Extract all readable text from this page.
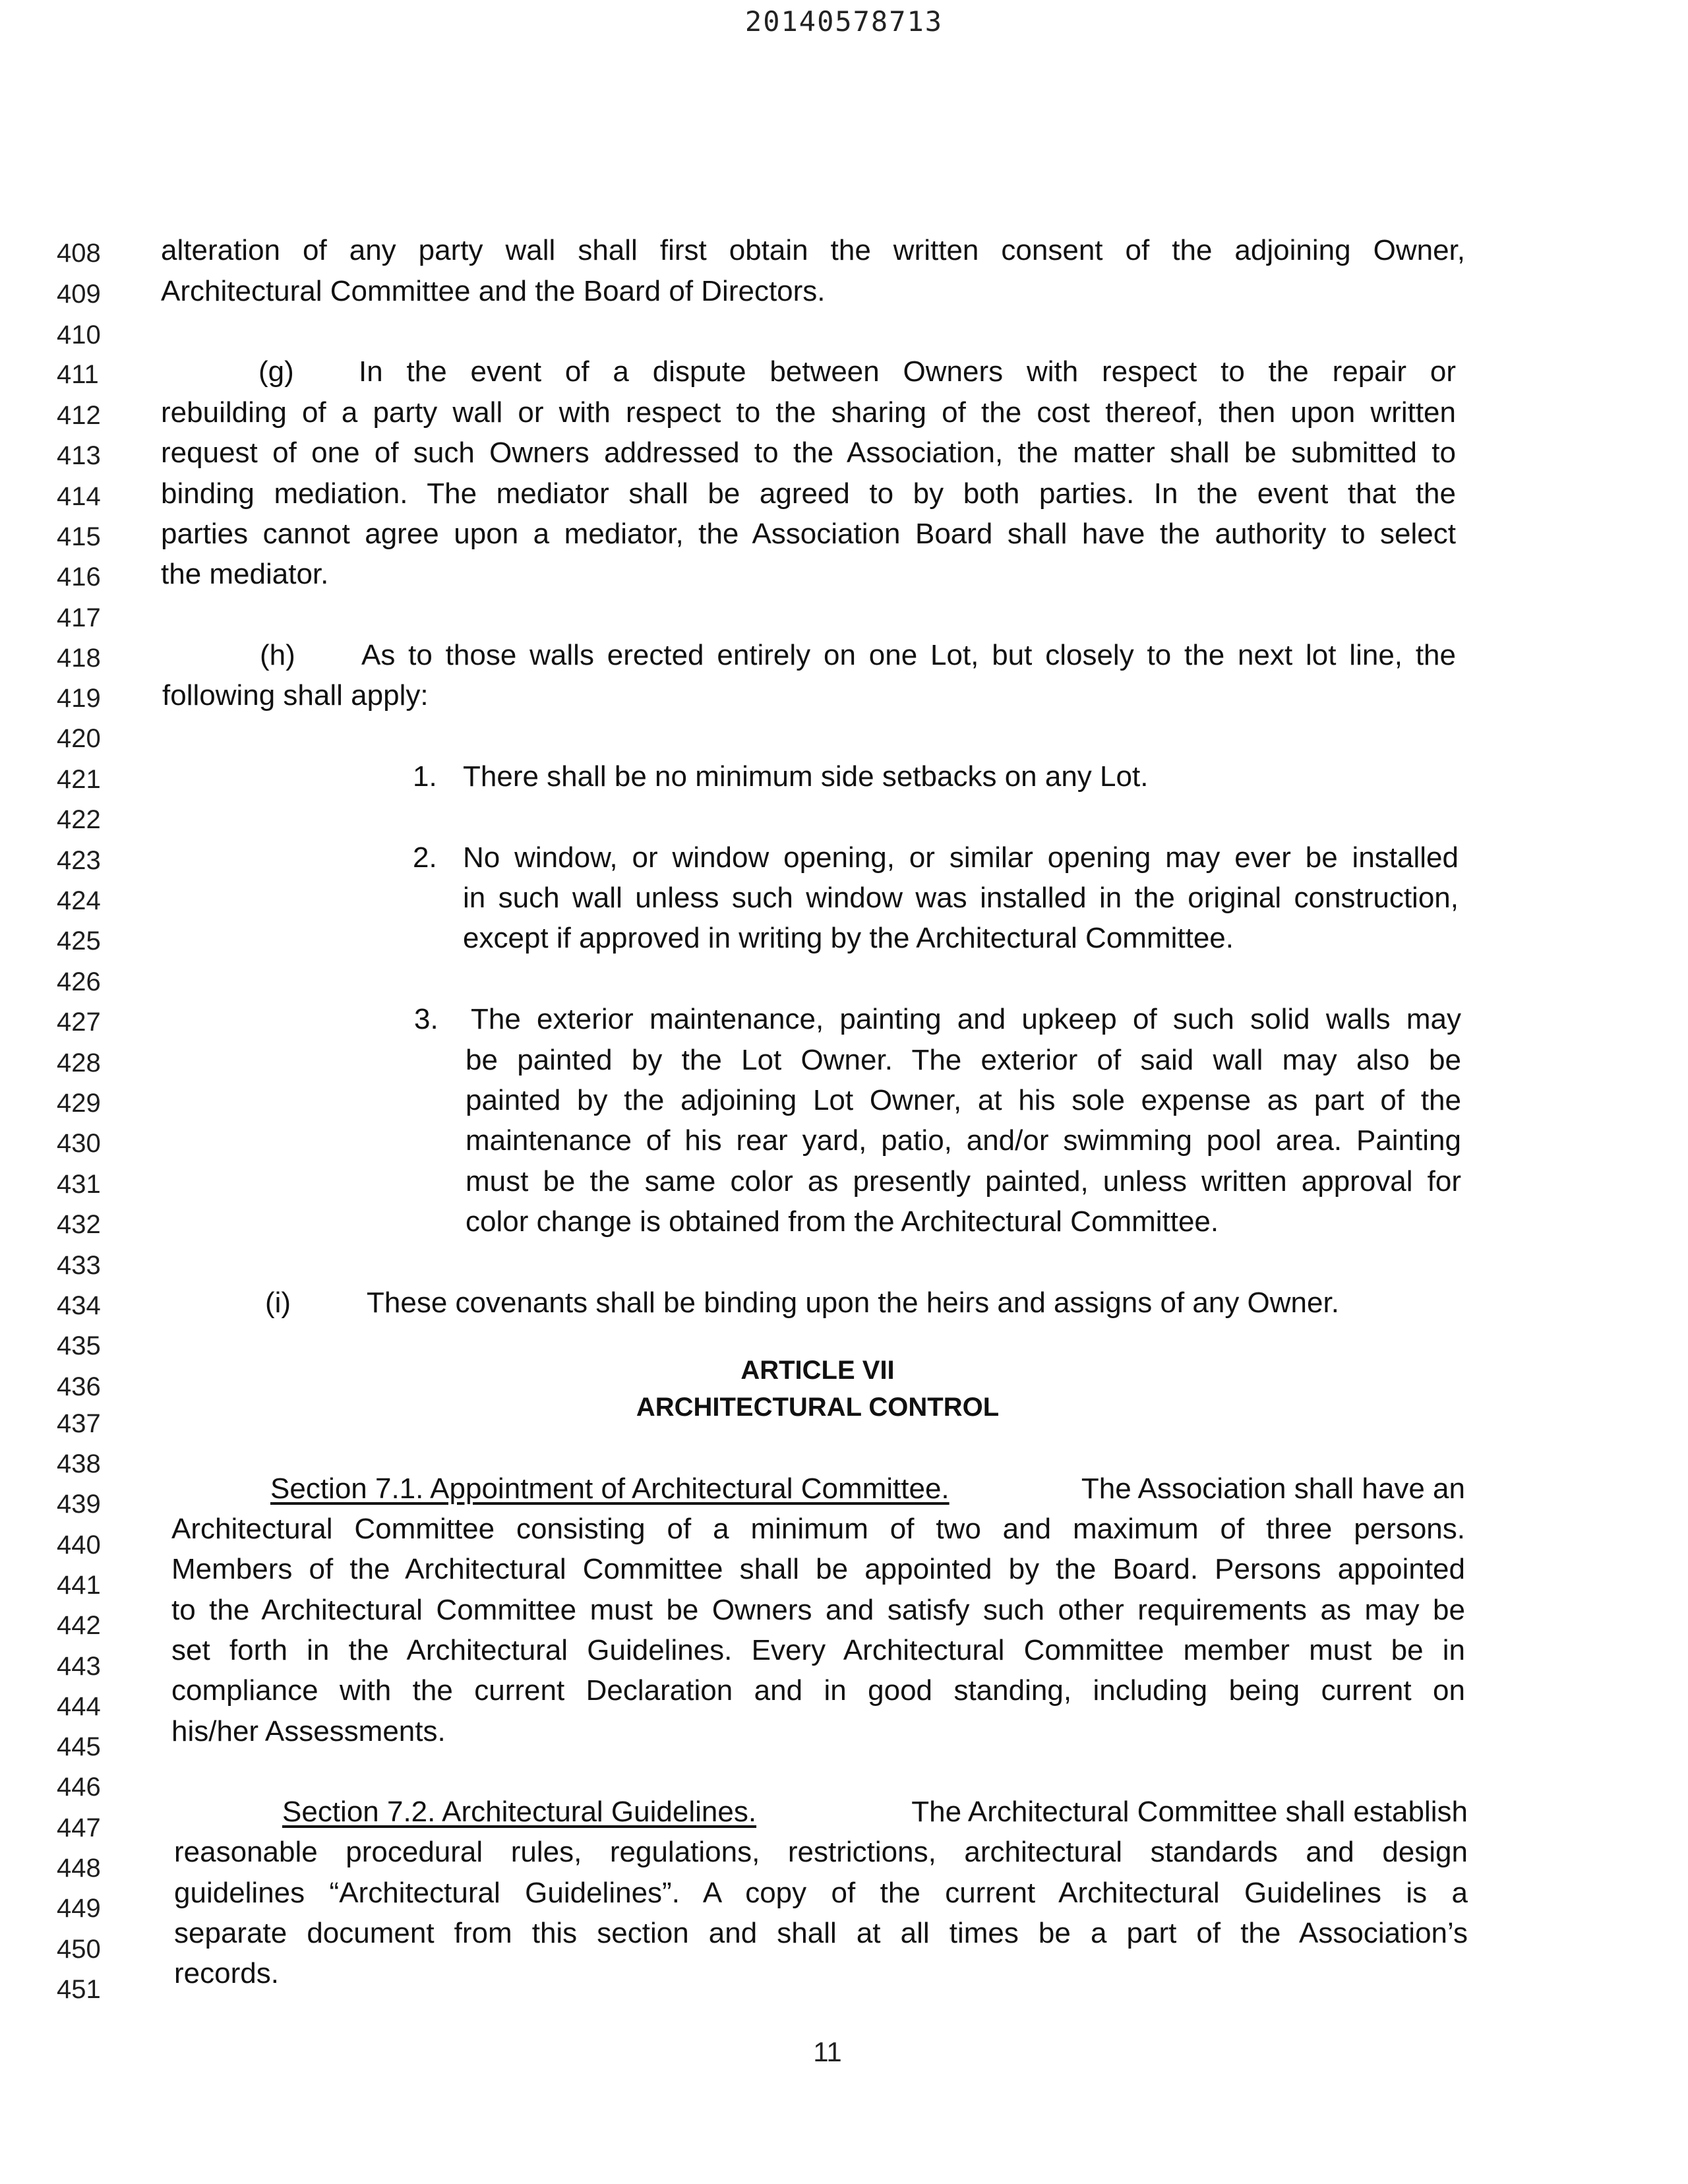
20140578713
408
409
410
411
412
413
414
415
416
417
418
419
420
421
422
423
424
425
426
427
428
429
430
431
432
433
434
435
436
437
438
439
440
441
442
443
444
445
446
447
448
449
450
451
alteration of any party wall shall first obtain the written consent of the adjoining Owner,
Architectural Committee and the Board of Directors.
(g) In the event of a dispute between Owners with respect to the repair or
rebuilding of a party wall or with respect to the sharing of the cost thereof, then upon written
request of one of such Owners addressed to the Association, the matter shall be submitted to
binding mediation. The mediator shall be agreed to by both parties. In the event that the
parties cannot agree upon a mediator, the Association Board shall have the authority to select
the mediator.
(h) As to those walls erected entirely on one Lot, but closely to the next lot line, the
following shall apply:
1. There shall be no minimum side setbacks on any Lot.
2. No window, or window opening, or similar opening may ever be installed
in such wall unless such window was installed in the original construction,
except if approved in writing by the Architectural Committee.
3. The exterior maintenance, painting and upkeep of such solid walls may
be painted by the Lot Owner. The exterior of said wall may also be
painted by the adjoining Lot Owner, at his sole expense as part of the
maintenance of his rear yard, patio, and/or swimming pool area. Painting
must be the same color as presently painted, unless written approval for
color change is obtained from the Architectural Committee.
(i)	These covenants shall be binding upon the heirs and assigns of any Owner.
ARTICLE VII
ARCHITECTURAL CONTROL
Section 7.1. Appointment of Architectural Committee.	The Association shall have an
Architectural Committee consisting of a minimum of two and maximum of three persons.
Members of the Architectural Committee shall be appointed by the Board. Persons appointed
to the Architectural Committee must be Owners and satisfy such other requirements as may be
set forth in the Architectural Guidelines. Every Architectural Committee member must be in
compliance with the current Declaration and in good standing, including being current on
his/her Assessments.
Section 7.2. Architectural Guidelines.	The Architectural Committee shall establish
reasonable procedural rules, regulations, restrictions, architectural standards and design
guidelines “Architectural Guidelines”. A copy of the current Architectural Guidelines is a
separate document from this section and shall at all times be a part of the Association’s
records.
11
